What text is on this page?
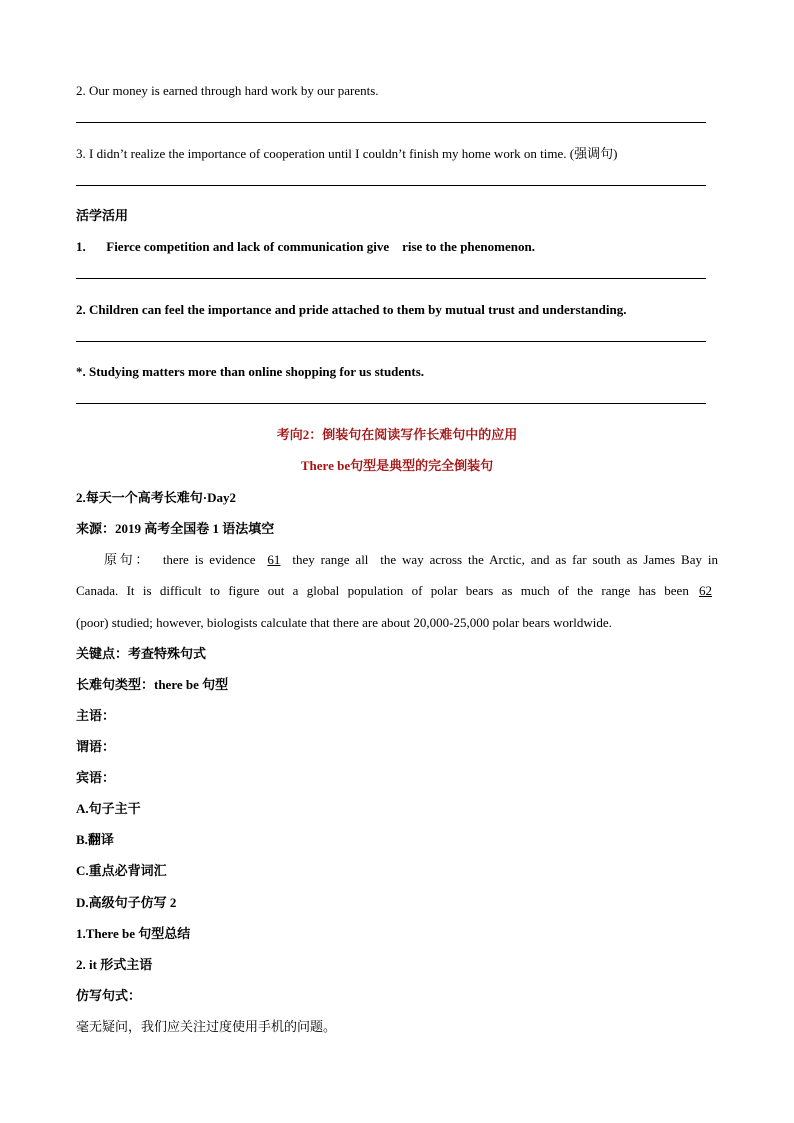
2. Our money is earned through hard work by our parents.
3. I didn’t realize the importance of cooperation until I couldn’t finish my home work on time. (强调句)
活学活用
1. Fierce competition and lack of communication give    rise to the phenomenon.
2. Children can feel the importance and pride attached to them by mutual trust and understanding.
*. Studying matters more than online shopping for us students.
考向2：倒装句在阅读写作长难句中的应用
There be句型是典型的完全倒装句
2.每天一个高考长难句·Day2
来源：2019 高考全国卷 1 语法填空
原句：  there is evidence 61 they range all  the way across the Arctic, and as far south as James Bay in
Canada.  It  is  difficult  to  figure  out  a  global  population  of  polar  bears  as  much  of  the  range  has  been 62
(poor) studied; however, biologists calculate that there are about 20,000-25,000 polar bears worldwide.
关键点：考查特殊句式
长难句类型：there be 句型
主语：
谓语：
宾语：
A.句子主干
B.翻译
C.重点必背词汇
D.高级句子仿写 2
1.There be 句型总结
2. it 形式主语
仿写句式：
毫无疑问，我们应关注过度使用手机的问题。
